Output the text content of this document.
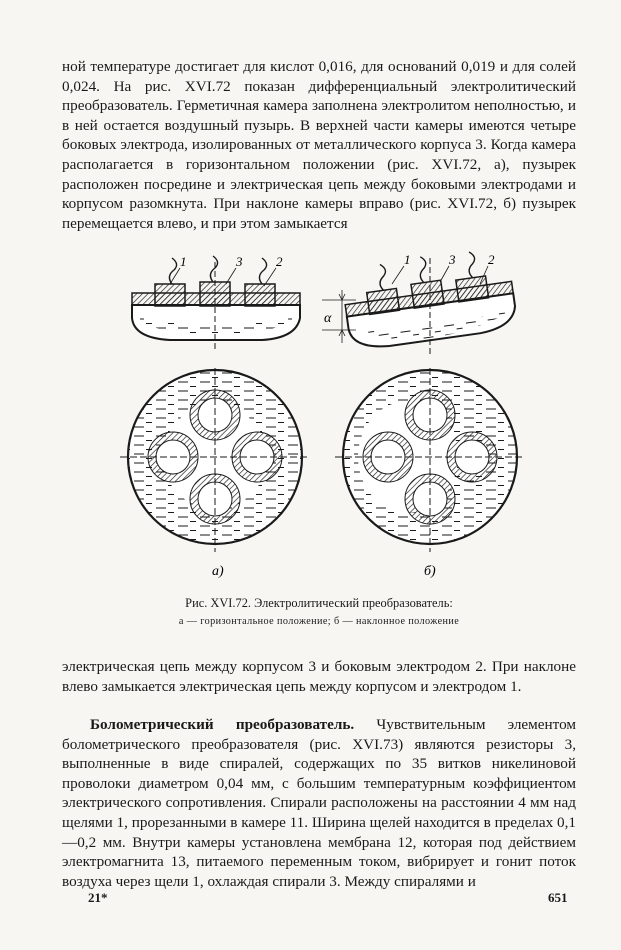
ной температуре достигает для кислот 0,016, для оснований 0,019 и для солей 0,024. На рис. XVI.72 показан дифференциальный электролитический преобразователь. Герметичная камера заполнена электролитом неполностью, и в ней остается воздушный пузырь. В верхней части камеры имеются четыре боковых электрода, изолированных от металлического корпуса 3. Когда камера располагается в горизонтальном положении (рис. XVI.72, а), пузырек расположен посредине и электрическая цепь между боковыми электродами и корпусом разомкнута. При наклоне камеры вправо (рис. XVI.72, б) пузырек перемещается влево, и при этом замыкается

1	3	2
α
1	3	2
а)	б)
Рис. XVI.72. Электролитический преобразователь:
а — горизонтальное положение; б — наклонное положение

электрическая цепь между корпусом 3 и боковым электродом 2. При наклоне влево замыкается электрическая цепь между корпусом и электродом 1.

Болометрический преобразователь. Чувствительным элементом болометрического преобразователя (рис. XVI.73) являются резисторы 3, выполненные в виде спиралей, содержащих по 35 витков никелиновой проволоки диаметром 0,04 мм, с большим температурным коэффициентом электрического сопротивления. Спирали расположены на расстоянии 4 мм над щелями 1, прорезанными в камере 11. Ширина щелей находится в пределах 0,1—0,2 мм. Внутри камеры установлена мембрана 12, которая под действием электромагнита 13, питаемого переменным током, вибрирует и гонит поток воздуха через щели 1, охлаждая спирали 3. Между спиралями и

21*	651
